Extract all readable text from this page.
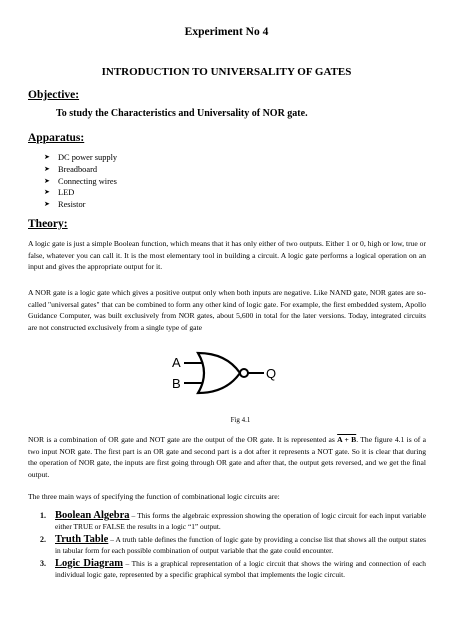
Experiment No 4
INTRODUCTION TO UNIVERSALITY OF GATES
Objective:
To study the Characteristics and Universality of NOR gate.
Apparatus:
➤ DC power supply
➤ Breadboard
➤ Connecting wires
➤ LED
➤ Resistor
Theory:

A logic gate is just a simple Boolean function, which means that it has only either of two outputs. Either 1 or 0, high or low, true or false, whatever you can call it. It is the most elementary tool in building a circuit. A logic gate performs a logical operation on an input and gives the appropriate output for it.

A NOR gate is a logic gate which gives a positive output only when both inputs are negative. Like NAND gate, NOR gates are so-called "universal gates" that can be combined to form any other kind of logic gate. For example, the first embedded system, Apollo Guidance Computer, was built exclusively from NOR gates, about 5,600 in total for the later versions. Today, integrated circuits are not constructed exclusively from a single type of gate

A
B
Q
Fig 4.1

NOR is a combination of OR gate and NOT gate are the output of the OR gate. It is represented as A + B. The figure 4.1 is of a two input NOR gate. The first part is an OR gate and second part is a dot after it represents a NOT gate. So it is clear that during the operation of NOR gate, the inputs are first going through OR gate and after that, the output gets reversed, and we get the final output.

The three main ways of specifying the function of combinational logic circuits are:

1. Boolean Algebra – This forms the algebraic expression showing the operation of logic circuit for each input variable either TRUE or FALSE the results in a logic “1” output.
2. Truth Table – A truth table defines the function of logic gate by providing a concise list that shows all the output states in tabular form for each possible combination of output variable that the gate could encounter.
3. Logic Diagram – This is a graphical representation of a logic circuit that shows the wiring and connection of each individual logic gate, represented by a specific graphical symbol that implements the logic circuit.
